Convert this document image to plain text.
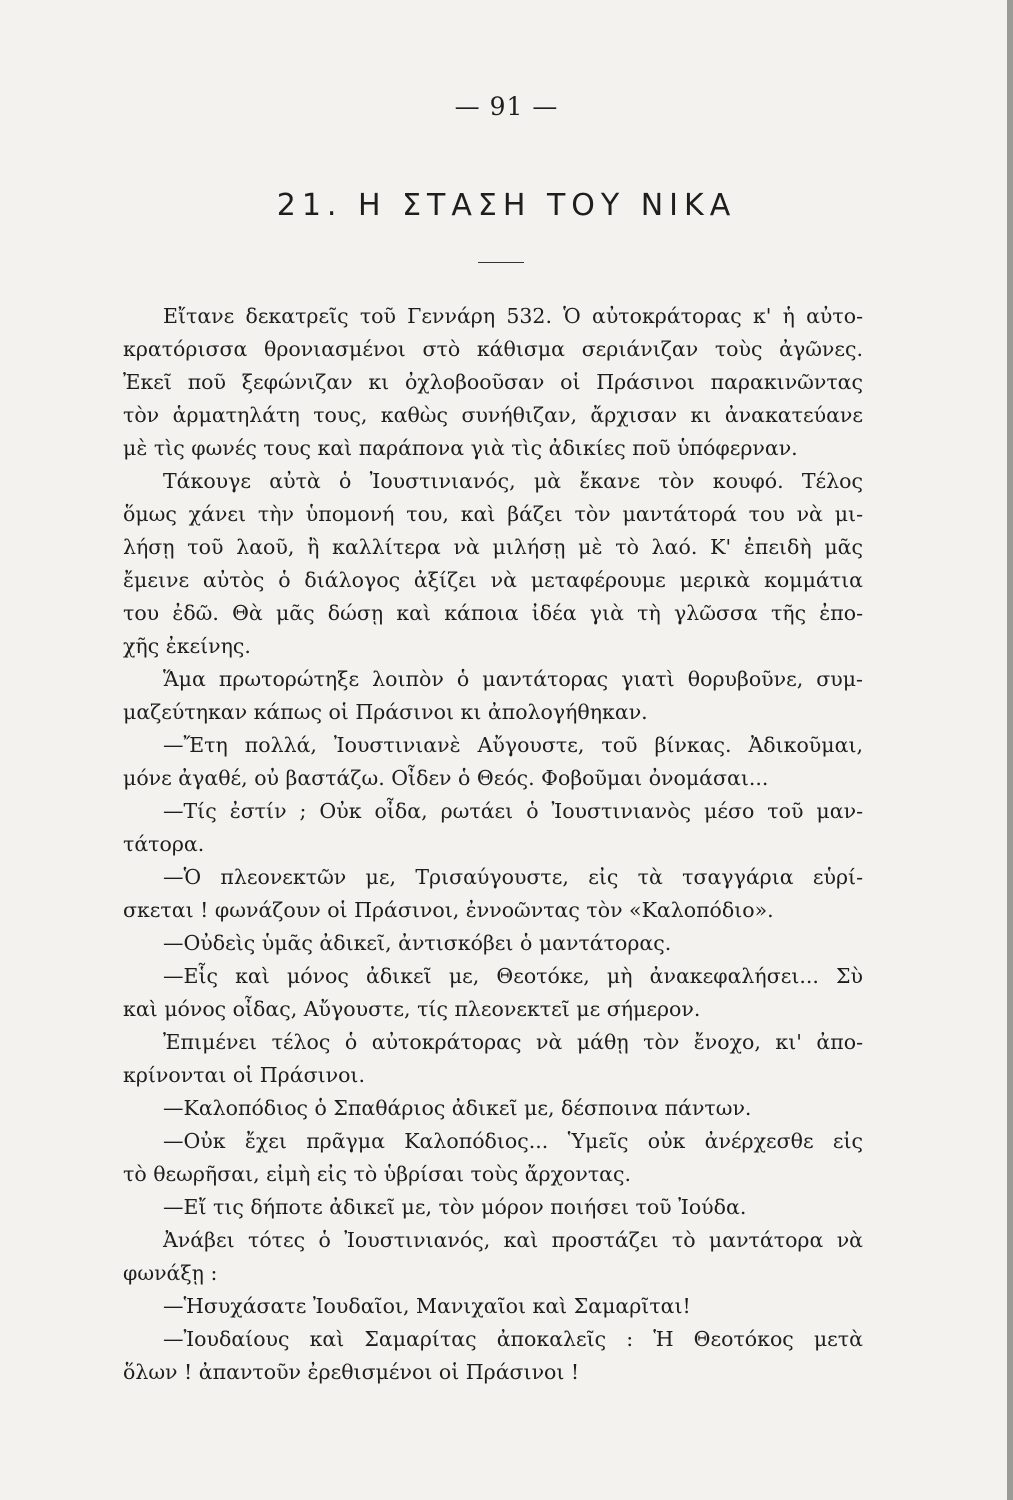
— 91 —
21. Η ΣΤΑΣΗ ΤΟΥ ΝΙΚΑ
Εἴτανε δεκατρεῖς τοῦ Γεννάρη 532. Ὁ αὐτοκράτορας κ' ἡ αὐτο-
κρατόρισσα θρονιασμένοι στὸ κάθισμα σεριάνιζαν τοὺς ἀγῶνες.
Ἐκεῖ ποῦ ξεφώνιζαν κι ὀχλοβοοῦσαν οἱ Πράσινοι παρακινῶντας
τὸν ἁρματηλάτη τους, καθὼς συνήθιζαν, ἄρχισαν κι ἀνακατεύανε
μὲ τὶς φωνές τους καὶ παράπονα γιὰ τὶς ἀδικίες ποῦ ὑπόφερναν.
Τάκουγε αὐτὰ ὁ Ἰουστινιανός, μὰ ἔκανε τὸν κουφό. Τέλος
ὅμως χάνει τὴν ὑπομονή του, καὶ βάζει τὸν μαντάτορά του νὰ μι-
λήσῃ τοῦ λαοῦ, ἢ καλλίτερα νὰ μιλήσῃ μὲ τὸ λαό. Κ' ἐπειδὴ μᾶς
ἔμεινε αὐτὸς ὁ διάλογος ἀξίζει νὰ μεταφέρουμε μερικὰ κομμάτια
του ἐδῶ. Θὰ μᾶς δώσῃ καὶ κάποια ἰδέα γιὰ τὴ γλῶσσα τῆς ἐπο-
χῆς ἐκείνης.
Ἅμα πρωτορώτηξε λοιπὸν ὁ μαντάτορας γιατὶ θορυβοῦνε, συμ-
μαζεύτηκαν κάπως οἱ Πράσινοι κι ἀπολογήθηκαν.
—Ἔτη πολλά, Ἰουστινιανὲ Αὔγουστε, τοῦ βίνκας. Ἀδικοῦμαι,
μόνε ἀγαθέ, οὐ βαστάζω. Οἶδεν ὁ Θεός. Φοβοῦμαι ὀνομάσαι...
—Τίς ἐστίν ; Οὐκ οἶδα, ρωτάει ὁ Ἰουστινιανὸς μέσο τοῦ μαν-
τάτορα.
—Ὁ πλεονεκτῶν με, Τρισαύγουστε, εἰς τὰ τσαγγάρια εὑρί-
σκεται ! φωνάζουν οἱ Πράσινοι, ἐννοῶντας τὸν «Καλοπόδιο».
—Οὐδεὶς ὑμᾶς ἀδικεῖ, ἀντισκόβει ὁ μαντάτορας.
—Εἷς καὶ μόνος ἀδικεῖ με, Θεοτόκε, μὴ ἀνακεφαλήσει... Σὺ
καὶ μόνος οἶδας, Αὔγουστε, τίς πλεονεκτεῖ με σήμερον.
Ἐπιμένει τέλος ὁ αὐτοκράτορας νὰ μάθῃ τὸν ἔνοχο, κι' ἀπο-
κρίνονται οἱ Πράσινοι.
—Καλοπόδιος ὁ Σπαθάριος ἀδικεῖ με, δέσποινα πάντων.
—Οὐκ ἔχει πρᾶγμα Καλοπόδιος... Ὑμεῖς οὐκ ἀνέρχεσθε εἰς
τὸ θεωρῆσαι, εἰμὴ εἰς τὸ ὑβρίσαι τοὺς ἄρχοντας.
—Εἴ τις δήποτε ἀδικεῖ με, τὸν μόρον ποιήσει τοῦ Ἰούδα.
Ἀνάβει τότες ὁ Ἰουστινιανός, καὶ προστάζει τὸ μαντάτορα νὰ
φωνάξῃ :
—Ἡσυχάσατε Ἰουδαῖοι, Μανιχαῖοι καὶ Σαμαρῖται!
—Ἰουδαίους καὶ Σαμαρίτας ἀποκαλεῖς : Ἡ Θεοτόκος μετὰ
ὅλων ! ἀπαντοῦν ἐρεθισμένοι οἱ Πράσινοι !
